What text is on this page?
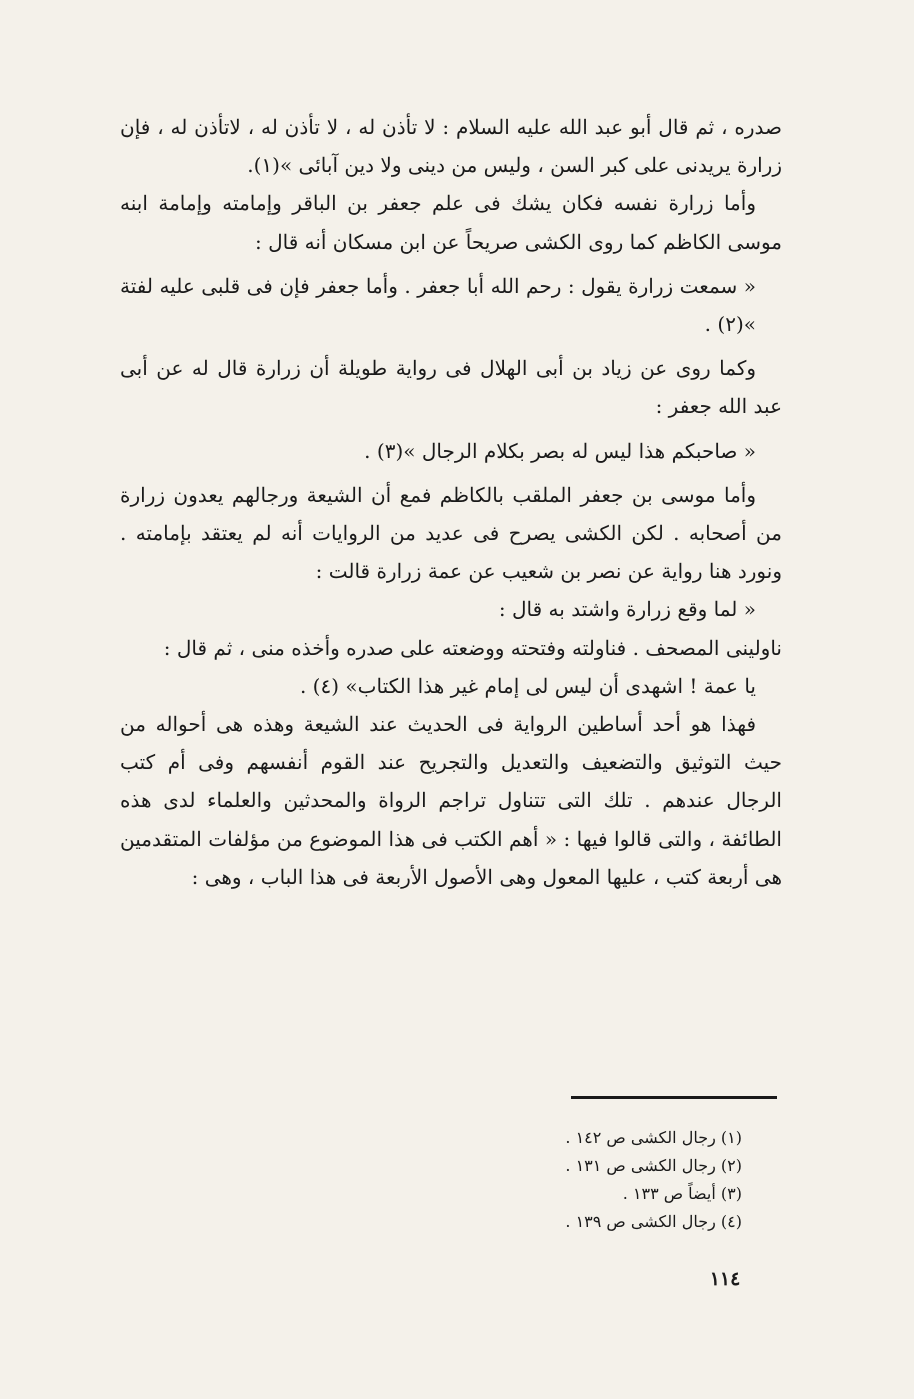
صدره ، ثم قال أبو عبد الله عليه السلام : لا تأذن له ، لا تأذن له ، لاتأذن له ، فإن زرارة يريدنى على كبر السن ، وليس من دينى ولا دين آبائى »(١).

وأما زرارة نفسه فكان يشك فى علم جعفر بن الباقر وإمامته وإمامة ابنه موسى الكاظم كما روى الكشى صريحاً عن ابن مسكان أنه قال :

« سمعت زرارة يقول : رحم الله أبا جعفر . وأما جعفر فإن فى قلبى عليه لفتة »(٢) .

وكما روى عن زياد بن أبى الهلال فى رواية طويلة أن زرارة قال له عن أبى عبد الله جعفر :

« صاحبكم هذا ليس له بصر بكلام الرجال »(٣) .

وأما موسى بن جعفر الملقب بالكاظم فمع أن الشيعة ورجالهم يعدون زرارة من أصحابه . لكن الكشى يصرح فى عديد من الروايات أنه لم يعتقد بإمامته . ونورد هنا رواية عن نصر بن شعيب عن عمة زرارة قالت :

« لما وقع زرارة واشتد به قال :

ناولينى المصحف . فناولته وفتحته ووضعته على صدره وأخذه منى ، ثم قال :

يا عمة ! اشهدى أن ليس لى إمام غير هذا الكتاب» (٤) .

فهذا هو أحد أساطين الرواية فى الحديث عند الشيعة وهذه هى أحواله من حيث التوثيق والتضعيف والتعديل والتجريح عند القوم أنفسهم وفى أم كتب الرجال عندهم . تلك التى تتناول تراجم الرواة والمحدثين والعلماء لدى هذه الطائفة ، والتى قالوا فيها : « أهم الكتب فى هذا الموضوع من مؤلفات المتقدمين هى أربعة كتب ، عليها المعول وهى الأصول الأربعة فى هذا الباب ، وهى :

(١) رجال الكشى ص ١٤٢ .

(٢) رجال الكشى ص ١٣١ .

(٣) أيضاً ص ١٣٣ .

(٤) رجال الكشى ص ١٣٩ .

١١٤
